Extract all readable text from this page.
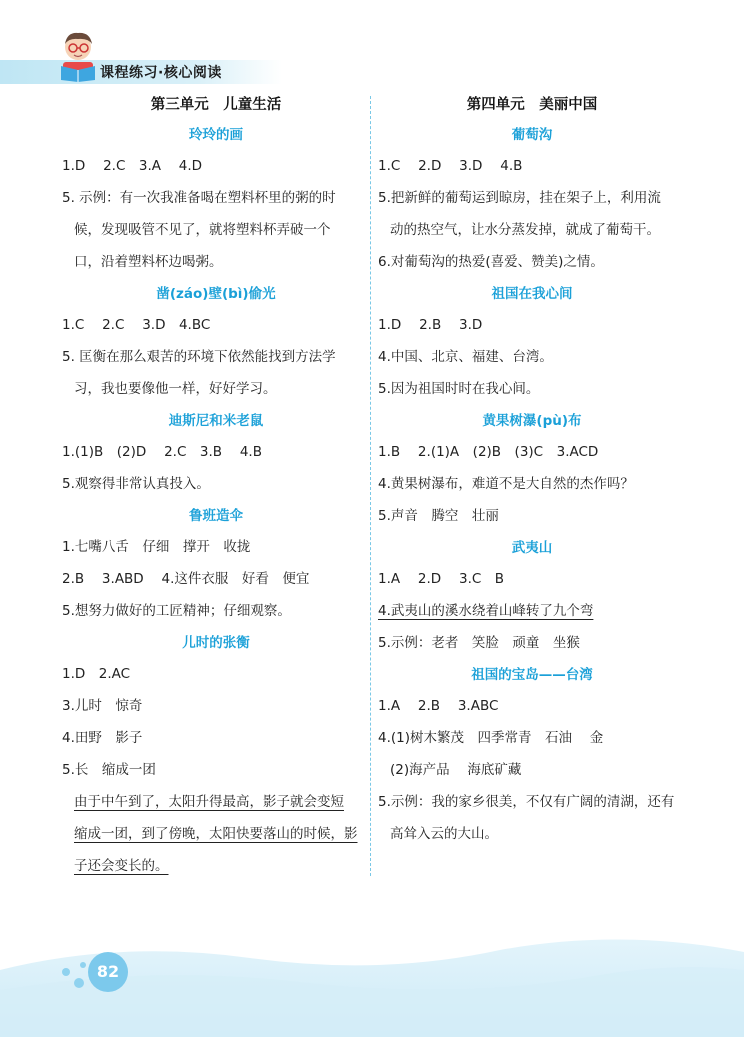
课程练习·核心阅读
第三单元　儿童生活
玲玲的画
1.D　 2.C　3.A　 4.D
5. 示例：有一次我准备喝在塑料杯里的粥的时
候，发现吸管不见了，就将塑料杯弄破一个
口，沿着塑料杯边喝粥。
凿(záo)壁(bì)偷光
1.C　 2.C　 3.D　4.BC
5. 匡衡在那么艰苦的环境下依然能找到方法学
习，我也要像他一样，好好学习。
迪斯尼和米老鼠
1.(1)B　(2)D　 2.C　3.B　 4.B
5.观察得非常认真投入。
鲁班造伞
1.七嘴八舌　仔细　撑开　收拢
2.B　 3.ABD　 4.这件衣服　好看　便宜
5.想努力做好的工匠精神；仔细观察。
儿时的张衡
1.D　2.AC
3.儿时　惊奇
4.田野　影子
5.长　缩成一团
由于中午到了，太阳升得最高，影子就会变短
缩成一团，到了傍晚，太阳快要落山的时候，影
子还会变长的。
第四单元　美丽中国
葡萄沟
1.C　 2.D　 3.D　 4.B
5.把新鲜的葡萄运到晾房，挂在架子上，利用流
动的热空气，让水分蒸发掉，就成了葡萄干。
6.对葡萄沟的热爱(喜爱、赞美)之情。
祖国在我心间
1.D　 2.B　 3.D
4.中国、北京、福建、台湾。
5.因为祖国时时在我心间。
黄果树瀑(pù)布
1.B　 2.(1)A　(2)B　(3)C　3.ACD
4.黄果树瀑布，难道不是大自然的杰作吗？
5.声音　腾空　壮丽
武夷山
1.A　 2.D　 3.C　B
4.武夷山的溪水绕着山峰转了九个弯
5.示例：老者　笑脸　顽童　坐猴
祖国的宝岛——台湾
1.A　 2.B　 3.ABC
4.(1)树木繁茂　四季常青　石油　 金
(2)海产品　 海底矿藏
5.示例：我的家乡很美，不仅有广阔的清湖，还有
高耸入云的大山。
82
